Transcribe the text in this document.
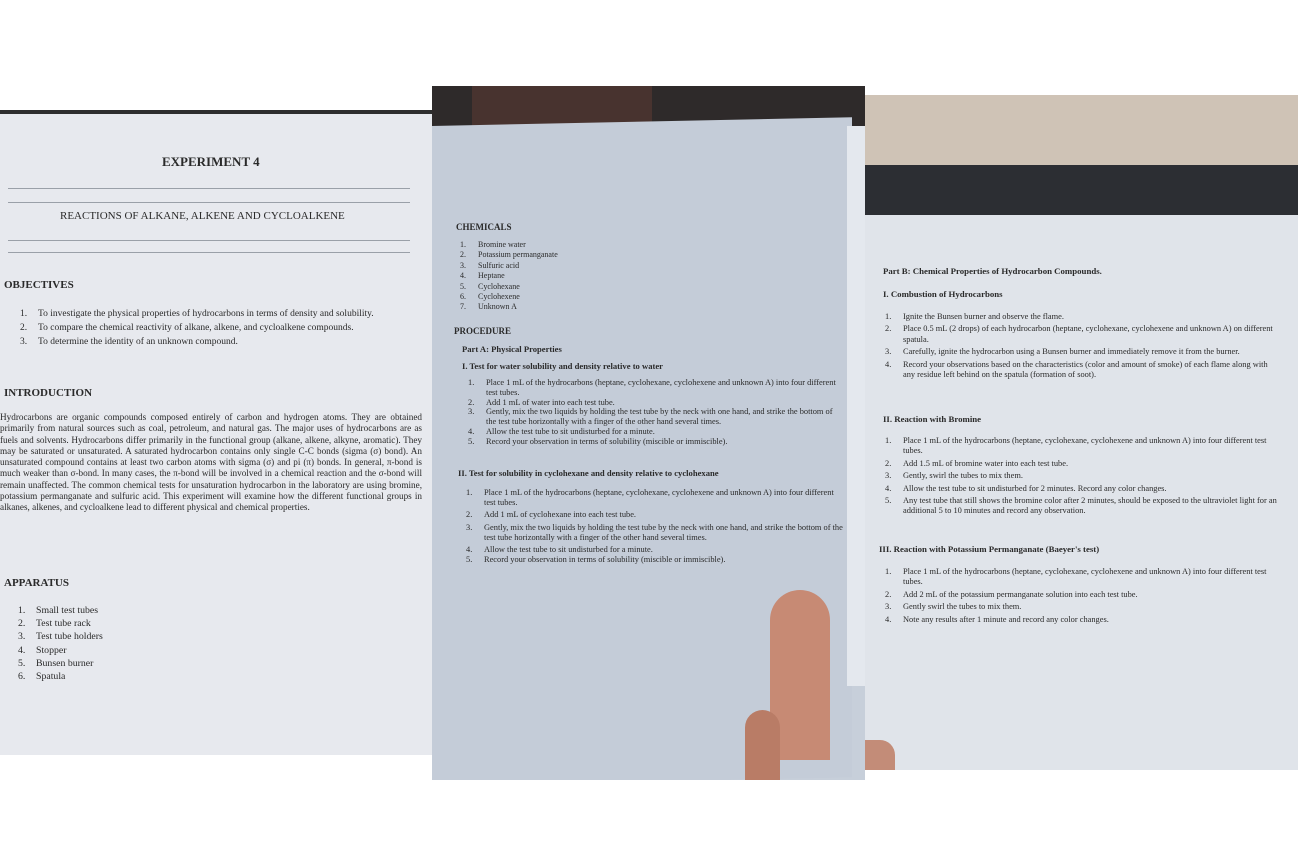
EXPERIMENT 4
REACTIONS OF ALKANE, ALKENE AND CYCLOALKENE
OBJECTIVES
1. To investigate the physical properties of hydrocarbons in terms of density and solubility.
2. To compare the chemical reactivity of alkane, alkene, and cycloalkene compounds.
3. To determine the identity of an unknown compound.
INTRODUCTION
Hydrocarbons are organic compounds composed entirely of carbon and hydrogen atoms. They are obtained primarily from natural sources such as coal, petroleum, and natural gas. The major uses of hydrocarbons are as fuels and solvents. Hydrocarbons differ primarily in the functional group (alkane, alkene, alkyne, aromatic). They may be saturated or unsaturated. A saturated hydrocarbon contains only single C-C bonds (sigma (σ) bond). An unsaturated compound contains at least two carbon atoms with sigma (σ) and pi (π) bonds. In general, π-bond is much weaker than σ-bond. In many cases, the π-bond will be involved in a chemical reaction and the σ-bond will remain unaffected. The common chemical tests for unsaturation hydrocarbon in the laboratory are using bromine, potassium permanganate and sulfuric acid. This experiment will examine how the different functional groups in alkanes, alkenes, and cycloalkene lead to different physical and chemical properties.
APPARATUS
1. Small test tubes
2. Test tube rack
3. Test tube holders
4. Stopper
5. Bunsen burner
6. Spatula
CHEMICALS
1. Bromine water
2. Potassium permanganate
3. Sulfuric acid
4. Heptane
5. Cyclohexane
6. Cyclohexene
7. Unknown A
PROCEDURE
Part A: Physical Properties
I. Test for water solubility and density relative to water
1. Place 1 mL of the hydrocarbons (heptane, cyclohexane, cyclohexene and unknown A) into four different test tubes.
2. Add 1 mL of water into each test tube.
3. Gently, mix the two liquids by holding the test tube by the neck with one hand, and strike the bottom of the test tube horizontally with a finger of the other hand several times.
4. Allow the test tube to sit undisturbed for a minute.
5. Record your observation in terms of solubility (miscible or immiscible).
II. Test for solubility in cyclohexane and density relative to cyclohexane
1. Place 1 mL of the hydrocarbons (heptane, cyclohexane, cyclohexene and unknown A) into four different test tubes.
2. Add 1 mL of cyclohexane into each test tube.
3. Gently, mix the two liquids by holding the test tube by the neck with one hand, and strike the bottom of the test tube horizontally with a finger of the other hand several times.
4. Allow the test tube to sit undisturbed for a minute.
5. Record your observation in terms of solubility (miscible or immiscible).
Part B: Chemical Properties of Hydrocarbon Compounds.
I. Combustion of Hydrocarbons
1. Ignite the Bunsen burner and observe the flame.
2. Place 0.5 mL (2 drops) of each hydrocarbon (heptane, cyclohexane, cyclohexene and unknown A) on different spatula.
3. Carefully, ignite the hydrocarbon using a Bunsen burner and immediately remove it from the burner.
4. Record your observations based on the characteristics (color and amount of smoke) of each flame along with any residue left behind on the spatula (formation of soot).
II. Reaction with Bromine
1. Place 1 mL of the hydrocarbons (heptane, cyclohexane, cyclohexene and unknown A) into four different test tubes.
2. Add 1.5 mL of bromine water into each test tube.
3. Gently, swirl the tubes to mix them.
4. Allow the test tube to sit undisturbed for 2 minutes. Record any color changes.
5. Any test tube that still shows the bromine color after 2 minutes, should be exposed to the ultraviolet light for an additional 5 to 10 minutes and record any observation.
III. Reaction with Potassium Permanganate (Baeyer's test)
1. Place 1 mL of the hydrocarbons (heptane, cyclohexane, cyclohexene and unknown A) into four different test tubes.
2. Add 2 mL of the potassium permanganate solution into each test tube.
3. Gently swirl the tubes to mix them.
4. Note any results after 1 minute and record any color changes.
